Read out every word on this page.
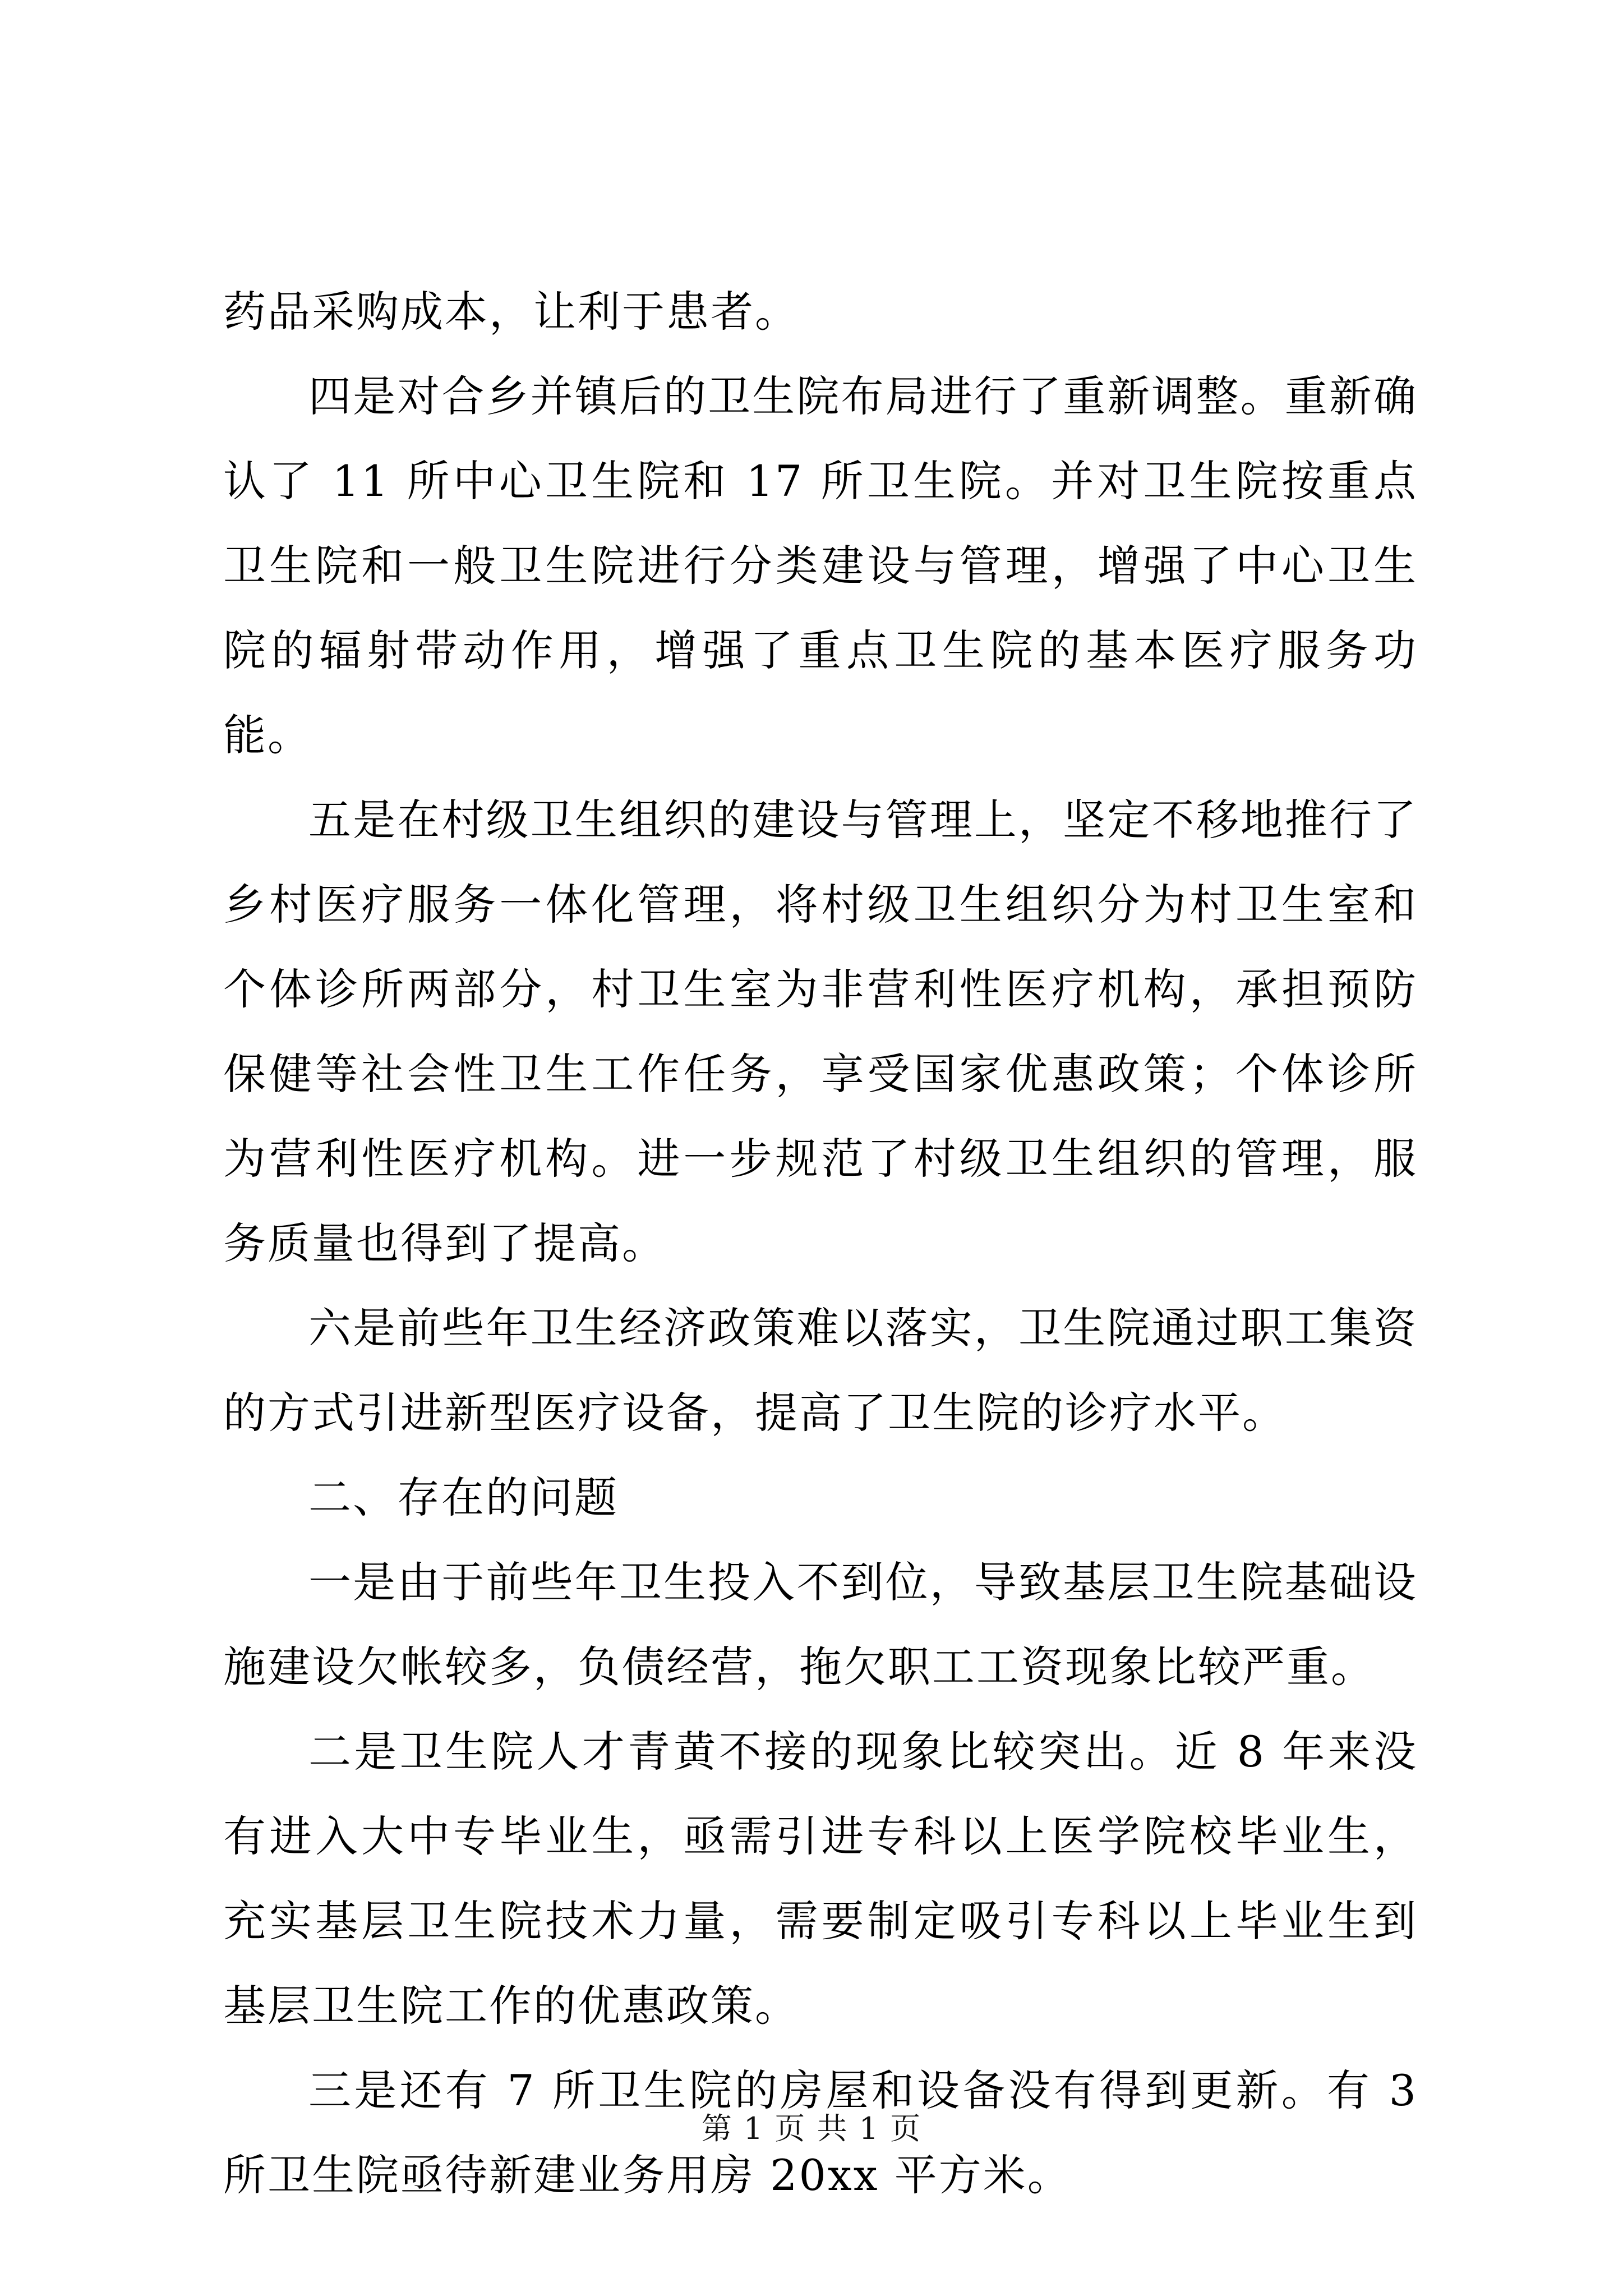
药品采购成本，让利于患者。

四是对合乡并镇后的卫生院布局进行了重新调整。重新确认了 11 所中心卫生院和 17 所卫生院。并对卫生院按重点卫生院和一般卫生院进行分类建设与管理，增强了中心卫生院的辐射带动作用，增强了重点卫生院的基本医疗服务功能。

五是在村级卫生组织的建设与管理上，坚定不移地推行了乡村医疗服务一体化管理，将村级卫生组织分为村卫生室和个体诊所两部分，村卫生室为非营利性医疗机构，承担预防保健等社会性卫生工作任务，享受国家优惠政策；个体诊所为营利性医疗机构。进一步规范了村级卫生组织的管理，服务质量也得到了提高。

六是前些年卫生经济政策难以落实，卫生院通过职工集资的方式引进新型医疗设备，提高了卫生院的诊疗水平。

二、存在的问题

一是由于前些年卫生投入不到位，导致基层卫生院基础设施建设欠帐较多，负债经营，拖欠职工工资现象比较严重。

二是卫生院人才青黄不接的现象比较突出。近 8 年来没有进入大中专毕业生，亟需引进专科以上医学院校毕业生，充实基层卫生院技术力量，需要制定吸引专科以上毕业生到基层卫生院工作的优惠政策。

三是还有 7 所卫生院的房屋和设备没有得到更新。有 3 所卫生院亟待新建业务用房 20xx 平方米。

第 1 页 共 1 页
